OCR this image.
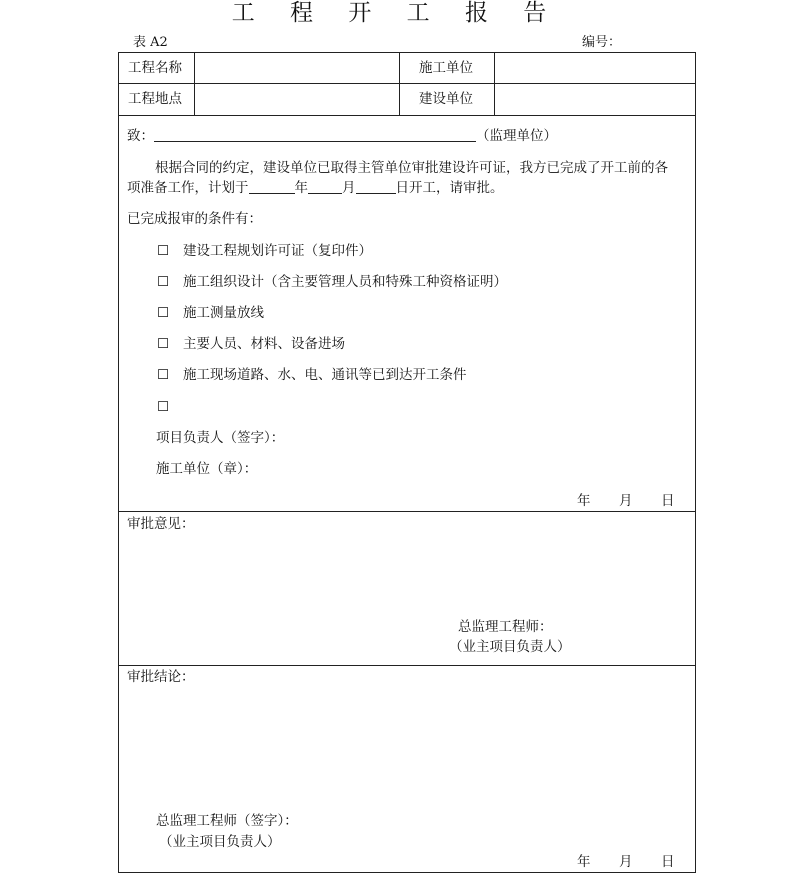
工 程 开 工 报 告
表 A2	编号：
工程名称	施工单位
工程地点	建设单位
致：	（监理单位）
根据合同的约定，建设单位已取得主管单位审批建设许可证，我方已完成了开工前的各
项准备工作，计划于	年	月	日开工，请审批。
已完成报审的条件有：
☐ 建设工程规划许可证（复印件）
☐ 施工组织设计（含主要管理人员和特殊工种资格证明）
☐ 施工测量放线
☐ 主要人员、材料、设备进场
☐ 施工现场道路、水、电、通讯等已到达开工条件
☐
项目负责人（签字）：
施工单位（章）：
年 月 日
审批意见：
总监理工程师：
（业主项目负责人）
审批结论：
总监理工程师（签字）：
（业主项目负责人）
年 月 日
